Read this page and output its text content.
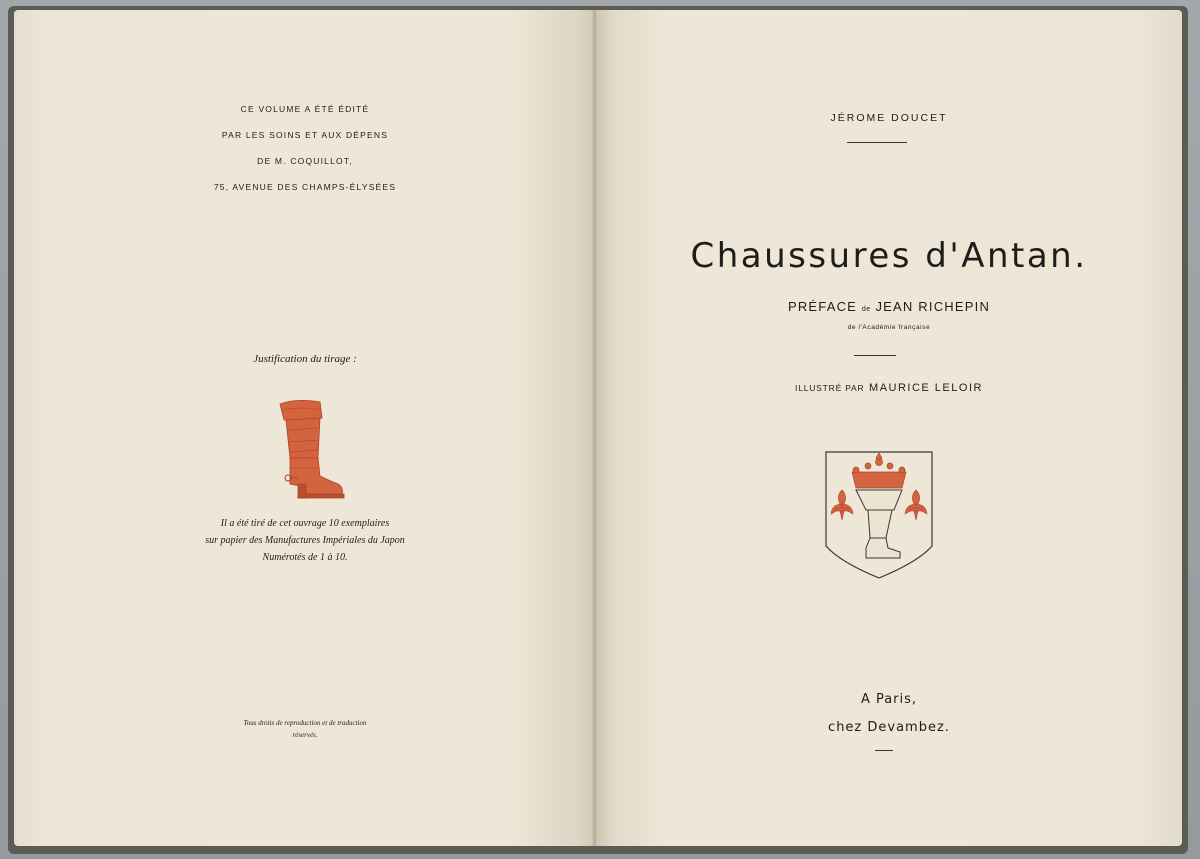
CE VOLUME A ÉTÉ ÉDITÉ
PAR LES SOINS ET AUX DÉPENS
DE M. COQUILLOT,
75, AVENUE DES CHAMPS-ÉLYSÉES
Justification du tirage :
Il a été tiré de cet ouvrage 10 exemplaires
sur papier des Manufactures Impériales du Japon
Numérotés de 1 à 10.
Tous droits de reproduction et de traduction
réservés.
JÉROME DOUCET
Chaussures d'Antan.
PRÉFACE de JEAN RICHEPIN
de l'Académie française
ILLUSTRÉ PAR MAURICE LELOIR
A Paris,
chez Devambez.
